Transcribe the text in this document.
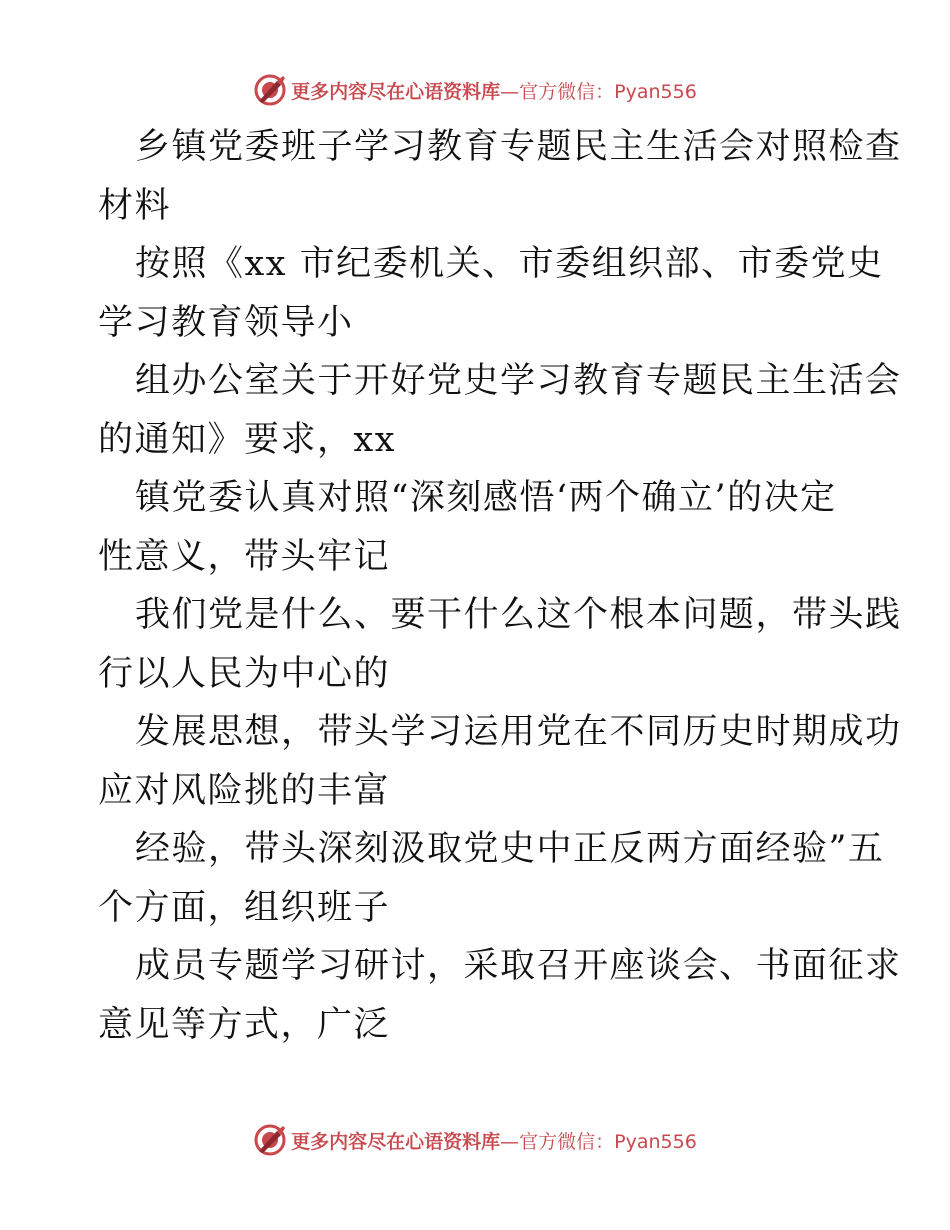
更多内容尽在心语资料库 —官方微信：Pyan556

乡镇党委班子学习教育专题民主生活会对照检查
材料

按照《xx 市纪委机关、市委组织部、市委党史
学习教育领导小

组办公室关于开好党史学习教育专题民主生活会
的通知》要求，xx

镇党委认真对照“深刻感悟‘两个确立’的决定
性意义，带头牢记

我们党是什么、要干什么这个根本问题，带头践
行以人民为中心的

发展思想，带头学习运用党在不同历史时期成功
应对风险挑的丰富

经验，带头深刻汲取党史中正反两方面经验”五
个方面，组织班子

成员专题学习研讨，采取召开座谈会、书面征求
意见等方式，广泛

更多内容尽在心语资料库 —官方微信：Pyan556
